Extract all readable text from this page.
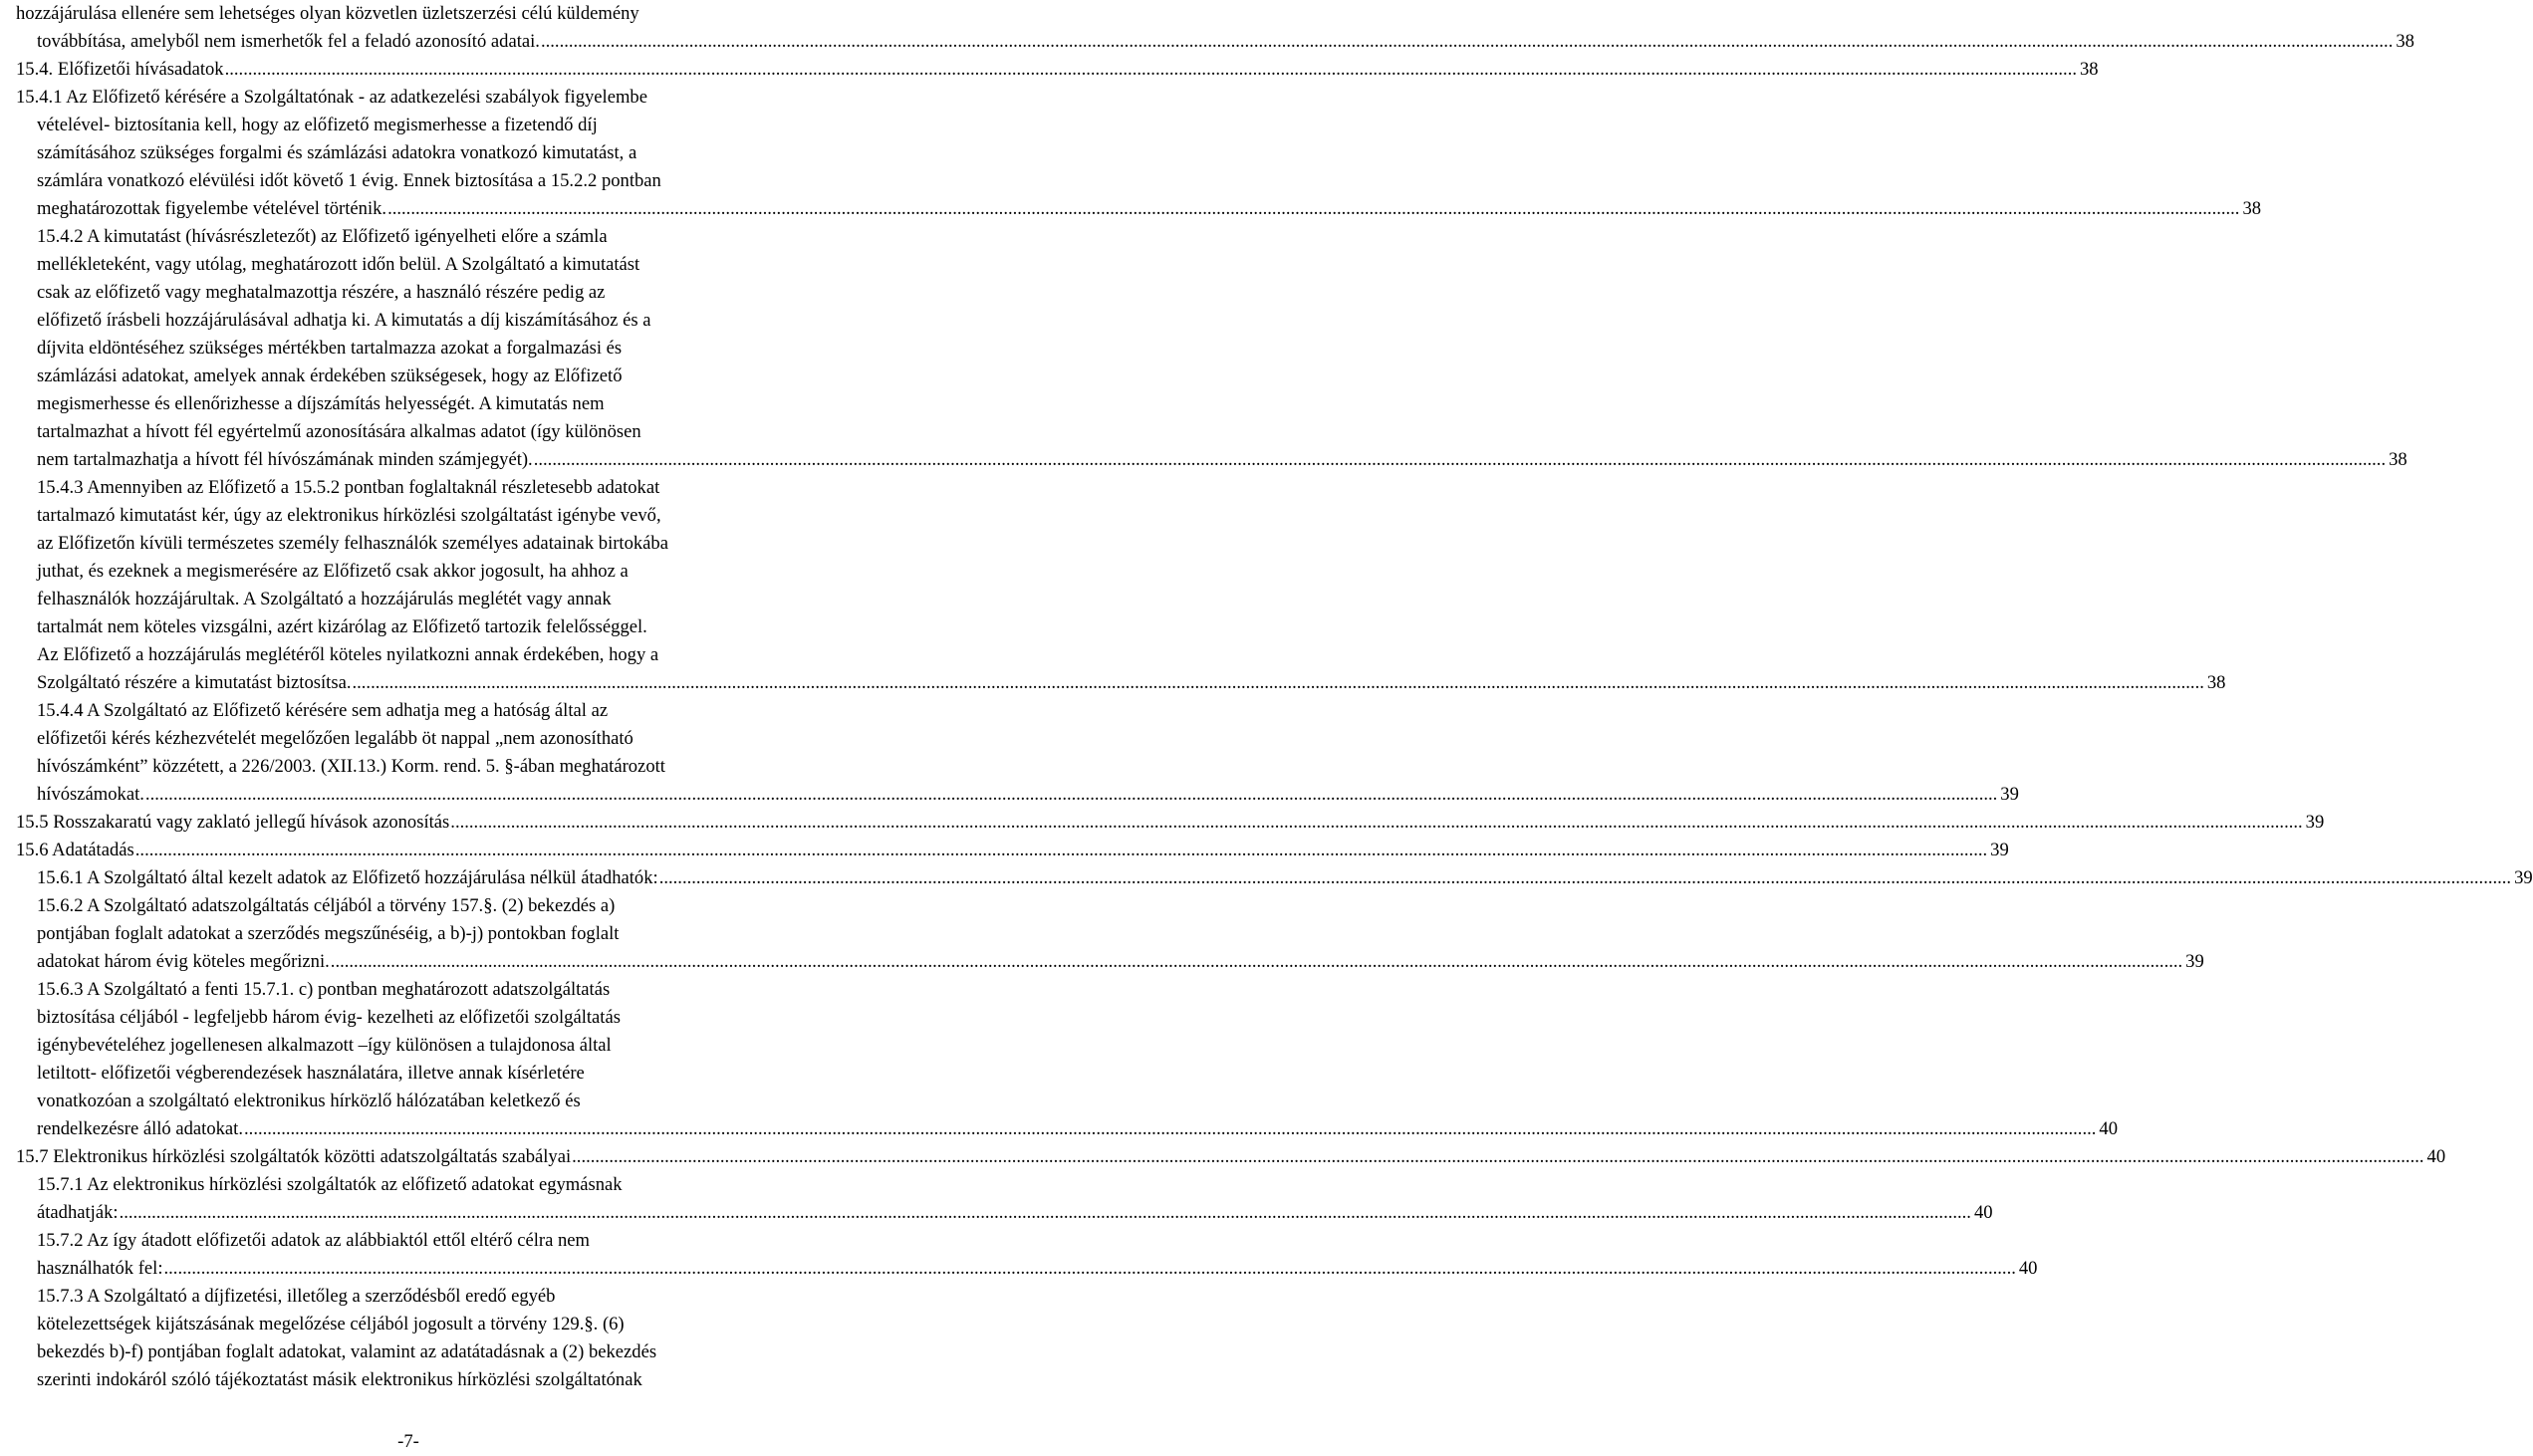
hozzájárulása ellenére sem lehetséges olyan közvetlen üzletszerzési célú küldemény
továbbítása, amelyből nem ismerhetők fel a feladó azonosító adatai. ................................................................................................................................................................................................................................................................................................................................................................................................................ 38
15.4. Előfizetői hívásadatok ................................................................................................................................................................................................................................................................................................................................................................................................................ 38
15.4.1 Az Előfizető kérésére a Szolgáltatónak - az adatkezelési szabályok figyelembe
vételével- biztosítania kell, hogy az előfizető megismerhesse a fizetendő díj
számításához szükséges forgalmi és számlázási adatokra vonatkozó kimutatást, a
számlára vonatkozó elévülési időt követő 1 évig. Ennek biztosítása a 15.2.2 pontban
meghatározottak figyelembe vételével történik. ................................................................................................................................................................................................................................................................................................................................................................................................................ 38
15.4.2 A kimutatást (hívásrészletezőt) az Előfizető igényelheti előre a számla
mellékleteként, vagy utólag, meghatározott időn belül. A Szolgáltató a kimutatást
csak az előfizető vagy meghatalmazottja részére, a használó részére pedig az
előfizető írásbeli hozzájárulásával adhatja ki. A kimutatás a díj kiszámításához és a
díjvita eldöntéséhez szükséges mértékben tartalmazza azokat a forgalmazási és
számlázási adatokat, amelyek annak érdekében szükségesek, hogy az Előfizető
megismerhesse és ellenőrizhesse a díjszámítás helyességét. A kimutatás nem
tartalmazhat a hívott fél egyértelmű azonosítására alkalmas adatot (így különösen
nem tartalmazhatja a hívott fél hívószámának minden számjegyét). ................................................................................................................................................................................................................................................................................................................................................................................................................ 38
15.4.3 Amennyiben az Előfizető a 15.5.2 pontban foglaltaknál részletesebb adatokat
tartalmazó kimutatást kér, úgy az elektronikus hírközlési szolgáltatást igénybe vevő,
az Előfizetőn kívüli természetes személy felhasználók személyes adatainak birtokába
juthat, és ezeknek a megismerésére az Előfizető csak akkor jogosult, ha ahhoz a
felhasználók hozzájárultak. A Szolgáltató a hozzájárulás meglétét vagy annak
tartalmát nem köteles vizsgálni, azért kizárólag az Előfizető tartozik felelősséggel.
Az Előfizető a hozzájárulás meglétéről köteles nyilatkozni annak érdekében, hogy a
Szolgáltató részére a kimutatást biztosítsa. ................................................................................................................................................................................................................................................................................................................................................................................................................ 38
15.4.4 A Szolgáltató az Előfizető kérésére sem adhatja meg a hatóság által az
előfizetői kérés kézhezvételét megelőzően legalább öt nappal „nem azonosítható
hívószámként” közzétett, a 226/2003. (XII.13.) Korm. rend. 5. §-ában meghatározott
hívószámokat. ................................................................................................................................................................................................................................................................................................................................................................................................................ 39
15.5 Rosszakaratú vagy zaklató jellegű hívások azonosítás ................................................................................................................................................................................................................................................................................................................................................................................................................ 39
15.6 Adatátadás ................................................................................................................................................................................................................................................................................................................................................................................................................ 39
15.6.1 A Szolgáltató által kezelt adatok az Előfizető hozzájárulása nélkül átadhatók: ................................................................................................................................................................................................................................................................................................................................................................................................................ 39
15.6.2 A Szolgáltató adatszolgáltatás céljából a törvény 157.§. (2) bekezdés a)
pontjában foglalt adatokat a szerződés megszűnéséig, a b)-j) pontokban foglalt
adatokat három évig köteles megőrizni. ................................................................................................................................................................................................................................................................................................................................................................................................................ 39
15.6.3 A Szolgáltató a fenti 15.7.1. c) pontban meghatározott adatszolgáltatás
biztosítása céljából - legfeljebb három évig- kezelheti az előfizetői szolgáltatás
igénybevételéhez jogellenesen alkalmazott –így különösen a tulajdonosa által
letiltott- előfizetői végberendezések használatára, illetve annak kísérletére
vonatkozóan a szolgáltató elektronikus hírközlő hálózatában keletkező és
rendelkezésre álló adatokat. ................................................................................................................................................................................................................................................................................................................................................................................................................ 40
15.7 Elektronikus hírközlési szolgáltatók közötti adatszolgáltatás szabályai ................................................................................................................................................................................................................................................................................................................................................................................................................ 40
15.7.1 Az elektronikus hírközlési szolgáltatók az előfizető adatokat egymásnak
átadhatják: ................................................................................................................................................................................................................................................................................................................................................................................................................ 40
15.7.2 Az így átadott előfizetői adatok az alábbiaktól ettől eltérő célra nem
használhatók fel: ................................................................................................................................................................................................................................................................................................................................................................................................................ 40
15.7.3 A Szolgáltató a díjfizetési, illetőleg a szerződésből eredő egyéb
kötelezettségek kijátszásának megelőzése céljából jogosult a törvény 129.§. (6)
bekezdés b)-f) pontjában foglalt adatokat, valamint az adatátadásnak a (2) bekezdés
szerinti indokáról szóló tájékoztatást másik elektronikus hírközlési szolgáltatónak
-7-
